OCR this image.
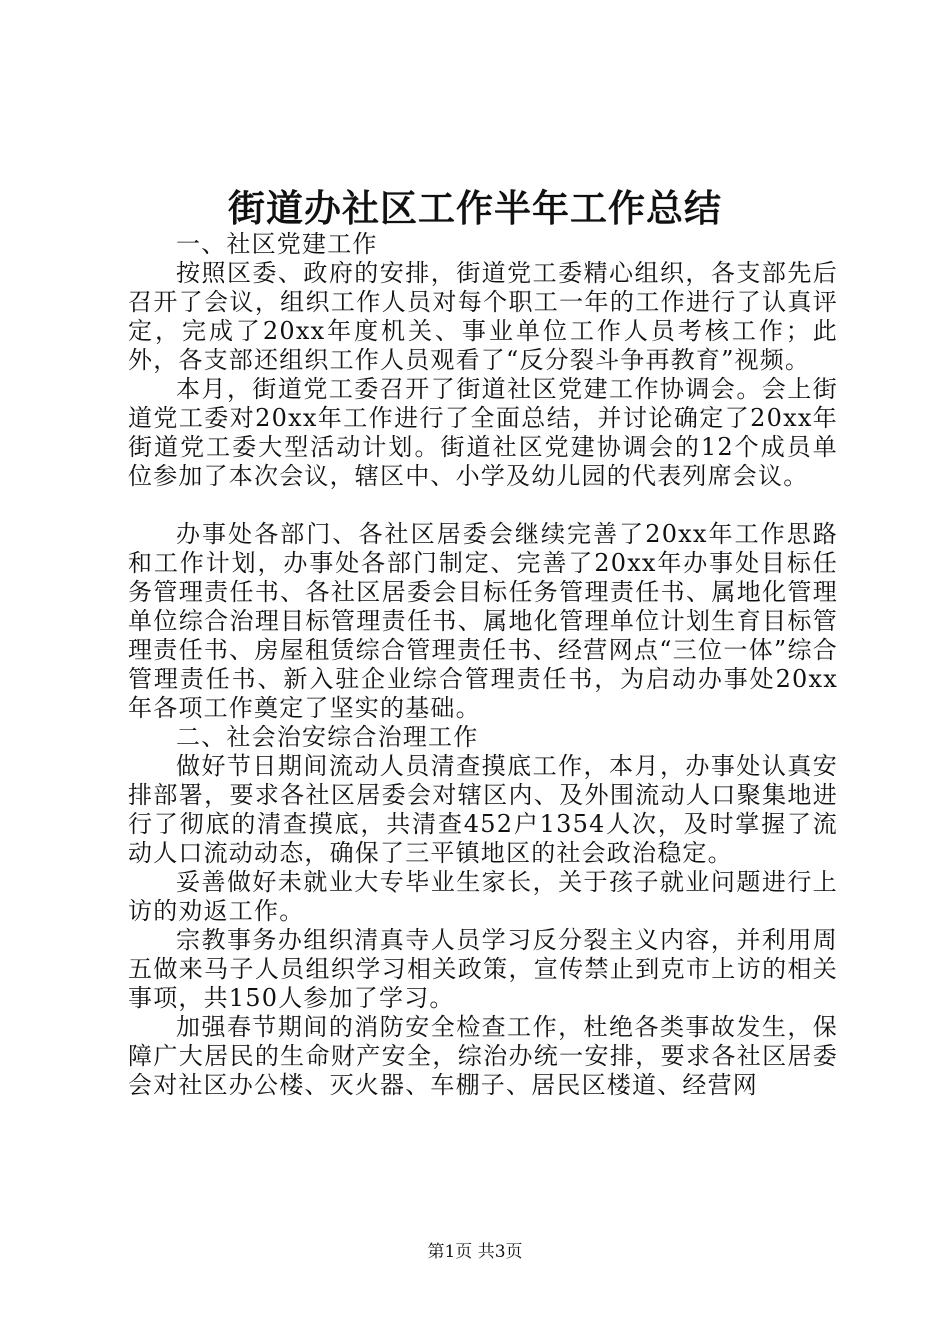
街道办社区工作半年工作总结

一、社区党建工作

按照区委、政府的安排，街道党工委精心组织，各支部先后召开了会议，组织工作人员对每个职工一年的工作进行了认真评定，完成了20xx年度机关、事业单位工作人员考核工作；此外，各支部还组织工作人员观看了“反分裂斗争再教育”视频。

本月，街道党工委召开了街道社区党建工作协调会。会上街道党工委对20xx年工作进行了全面总结，并讨论确定了20xx年街道党工委大型活动计划。街道社区党建协调会的12个成员单位参加了本次会议，辖区中、小学及幼儿园的代表列席会议。

办事处各部门、各社区居委会继续完善了20xx年工作思路和工作计划，办事处各部门制定、完善了20xx年办事处目标任务管理责任书、各社区居委会目标任务管理责任书、属地化管理单位综合治理目标管理责任书、属地化管理单位计划生育目标管理责任书、房屋租赁综合管理责任书、经营网点“三位一体”综合管理责任书、新入驻企业综合管理责任书，为启动办事处20xx年各项工作奠定了坚实的基础。

二、社会治安综合治理工作

做好节日期间流动人员清查摸底工作，本月，办事处认真安排部署，要求各社区居委会对辖区内、及外围流动人口聚集地进行了彻底的清查摸底，共清查452户1354人次，及时掌握了流动人口流动动态，确保了三平镇地区的社会政治稳定。

妥善做好未就业大专毕业生家长，关于孩子就业问题进行上访的劝返工作。

宗教事务办组织清真寺人员学习反分裂主义内容，并利用周五做来马子人员组织学习相关政策，宣传禁止到克市上访的相关事项，共150人参加了学习。

加强春节期间的消防安全检查工作，杜绝各类事故发生，保障广大居民的生命财产安全，综治办统一安排，要求各社区居委会对社区办公楼、灭火器、车棚子、居民区楼道、经营网

第1页 共3页
